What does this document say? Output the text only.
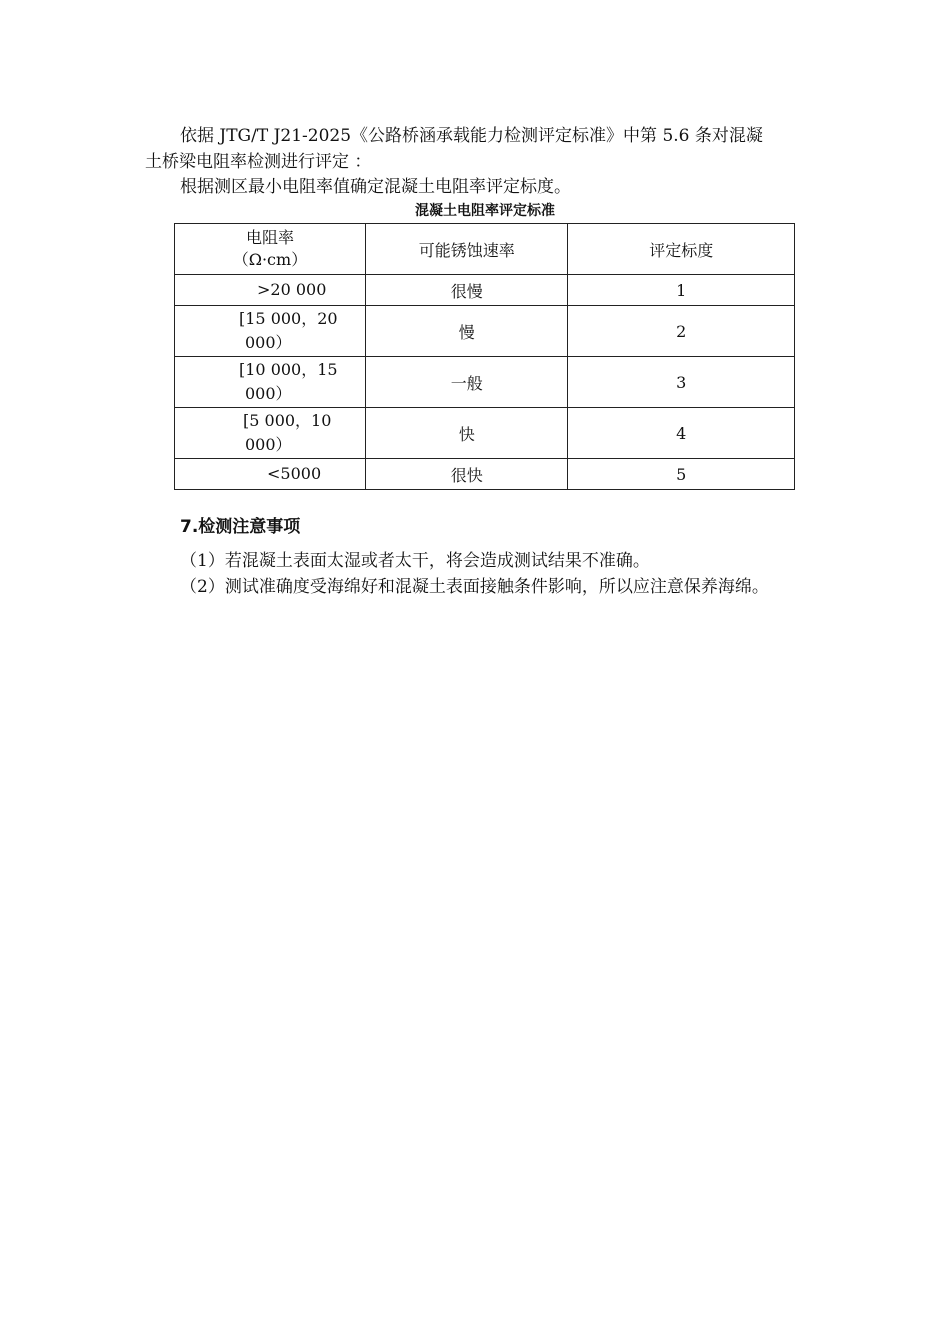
依据 JTG/T J21-2025《公路桥涵承载能力检测评定标准》中第 5.6 条对混凝
土桥梁电阻率检测进行评定 ：
根据测区最小电阻率值确定混凝土电阻率评定标度。
混凝土电阻率评定标准
电阻率
（Ω·cm）	可能锈蚀速率	评定标度

>20 000	很慢	1

[15 000，20
000）	慢	2

[10 000，15
000）	一般	3

[5 000，10
000）	快	4

<5000	很快	5
7.检测注意事项
（1）若混凝土表面太湿或者太干，将会造成测试结果不准确。
（2）测试准确度受海绵好和混凝土表面接触条件影响，所以应注意保养海绵。
